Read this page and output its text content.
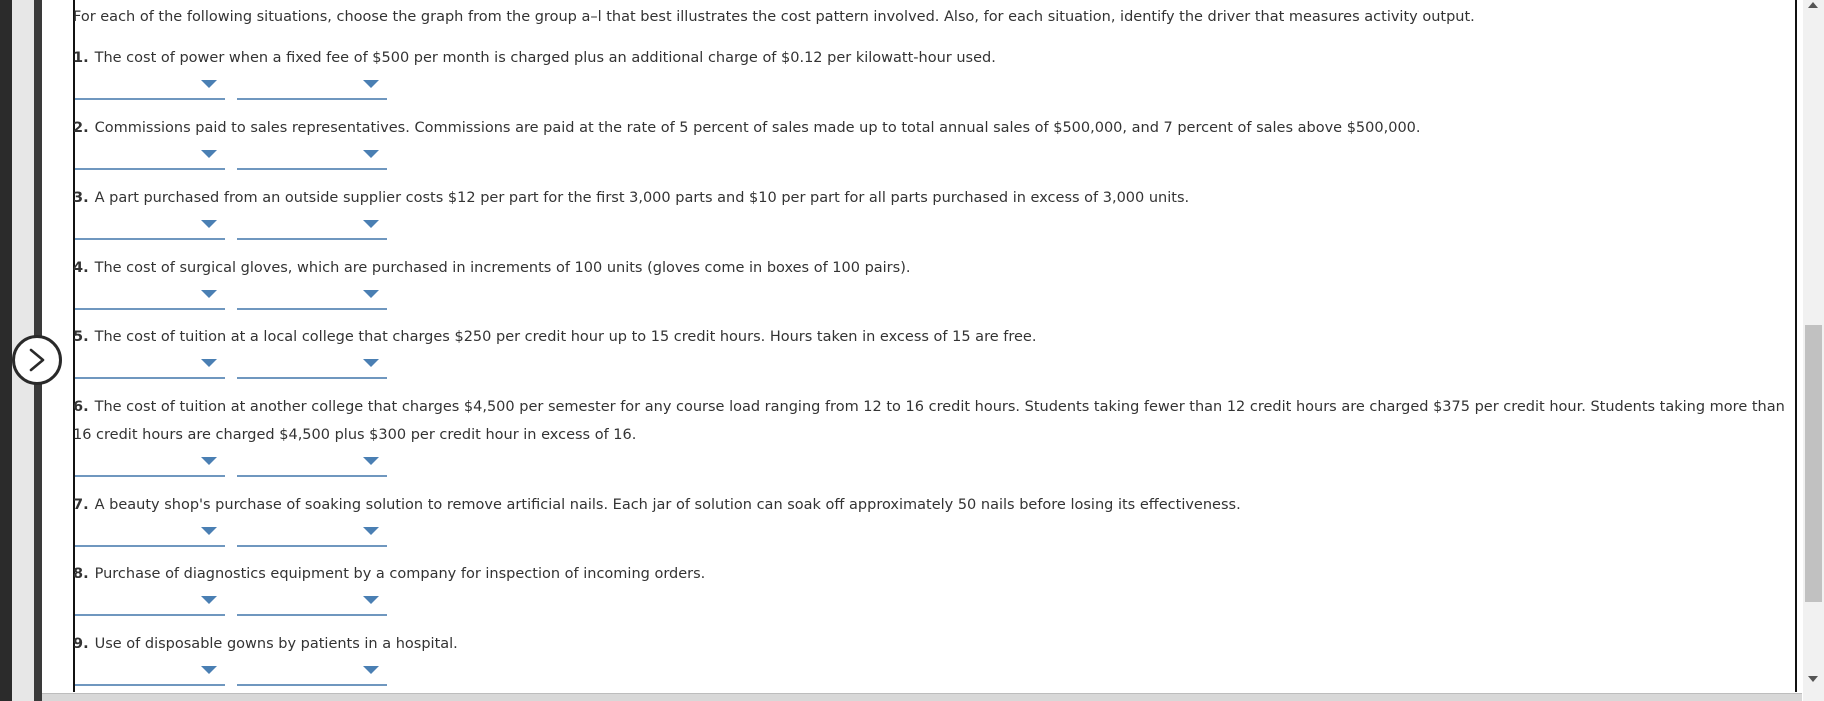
For each of the following situations, choose the graph from the group a–l that best illustrates the cost pattern involved. Also, for each situation, identify the driver that measures activity output.
1. The cost of power when a fixed fee of $500 per month is charged plus an additional charge of $0.12 per kilowatt-hour used.
2. Commissions paid to sales representatives. Commissions are paid at the rate of 5 percent of sales made up to total annual sales of $500,000, and 7 percent of sales above $500,000.
3. A part purchased from an outside supplier costs $12 per part for the first 3,000 parts and $10 per part for all parts purchased in excess of 3,000 units.
4. The cost of surgical gloves, which are purchased in increments of 100 units (gloves come in boxes of 100 pairs).
5. The cost of tuition at a local college that charges $250 per credit hour up to 15 credit hours. Hours taken in excess of 15 are free.
6. The cost of tuition at another college that charges $4,500 per semester for any course load ranging from 12 to 16 credit hours. Students taking fewer than 12 credit hours are charged $375 per credit hour. Students taking more than 16 credit hours are charged $4,500 plus $300 per credit hour in excess of 16.
7. A beauty shop's purchase of soaking solution to remove artificial nails. Each jar of solution can soak off approximately 50 nails before losing its effectiveness.
8. Purchase of diagnostics equipment by a company for inspection of incoming orders.
9. Use of disposable gowns by patients in a hospital.
